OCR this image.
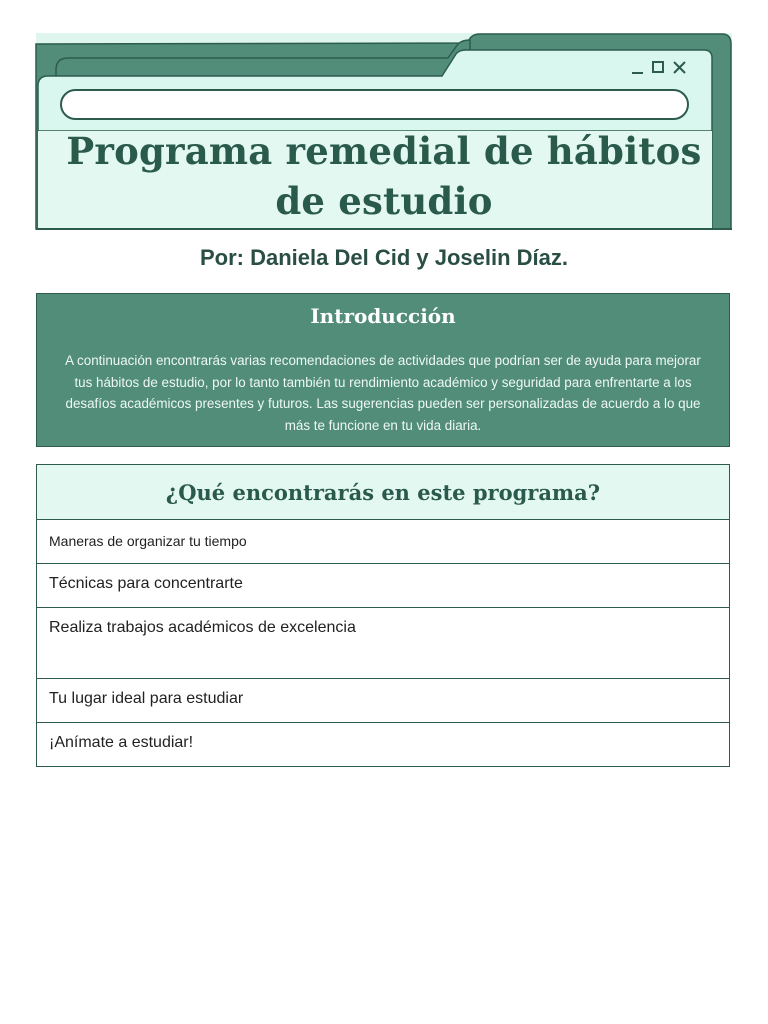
Programa remedial de hábitos de estudio
Por: Daniela Del Cid y Joselin Díaz.
Introducción
A continuación encontrarás varias recomendaciones de actividades que podrían ser de ayuda para mejorar tus hábitos de estudio, por lo tanto también tu rendimiento académico y seguridad para enfrentarte a los desafíos académicos presentes y futuros. Las sugerencias pueden ser personalizadas de acuerdo a lo que más te funcione en tu vida diaria.
¿Qué encontrarás en este programa?
Maneras de organizar tu tiempo
Técnicas para concentrarte
Realiza trabajos académicos de excelencia
Tu lugar ideal para estudiar
¡Anímate a estudiar!
